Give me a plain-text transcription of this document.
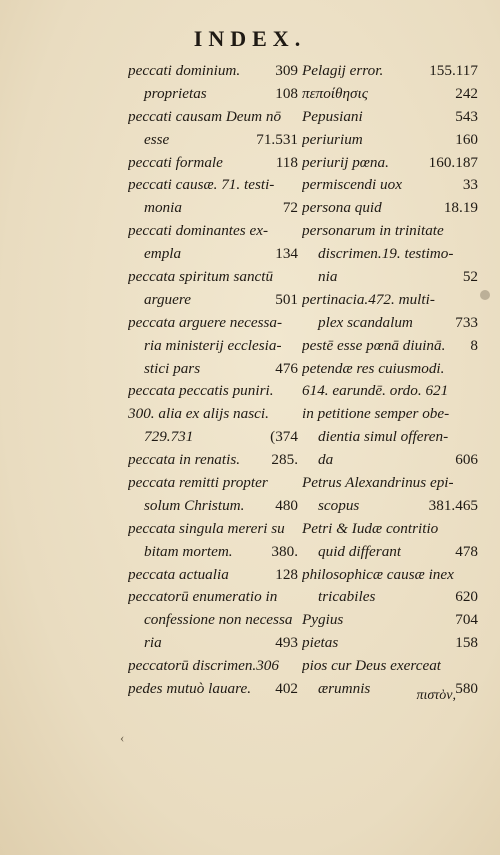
INDEX.
peccati dominium. 309
proprietas	108
peccati causam Deum nō
esse	71.531
peccati formale	118
peccati causæ. 71. testi-
monia	72
peccati dominantes ex-
empla	134
peccata spiritum sanctū
arguere	501
peccata arguere necessa-
ria ministerij ecclesia-
stici pars	476
peccata peccatis puniri.
300. alia ex alijs nasci.
729.731	(374
peccata in renatis. 285.
peccata remitti propter
solum Christum. 480
peccata singula mereri su
bitam mortem.	380.
peccata actualia	128
peccatorū enumeratio in
confessione non necessa
ria	493
peccatorū discrimen.306
pedes mutuò lauare. 402
Pelagij error.	155.117
πεποίθησις	242
Pepusiani	543
periurium	160
periurij pœna.	160.187
permiscendi uox	33
persona quid	18.19
personarum in trinitate
discrimen.19. testimo-
nia	52
pertinacia.472. multi-
plex scandalum	733
pestē esse pœnā diuinā. 8
petendæ res cuiusmodi.
614. earundē. ordo. 621
in petitione semper obe-
dientia simul offeren-
da	606
Petrus Alexandrinus epi-
scopus	381.465
Petri & Iudæ contritio
quid differant	478
philosophicæ causæ inex
tricabiles	620
Pygius	704
pietas	158
pios cur Deus exerceat
ærumnis	580
πιστὸν,
‹
